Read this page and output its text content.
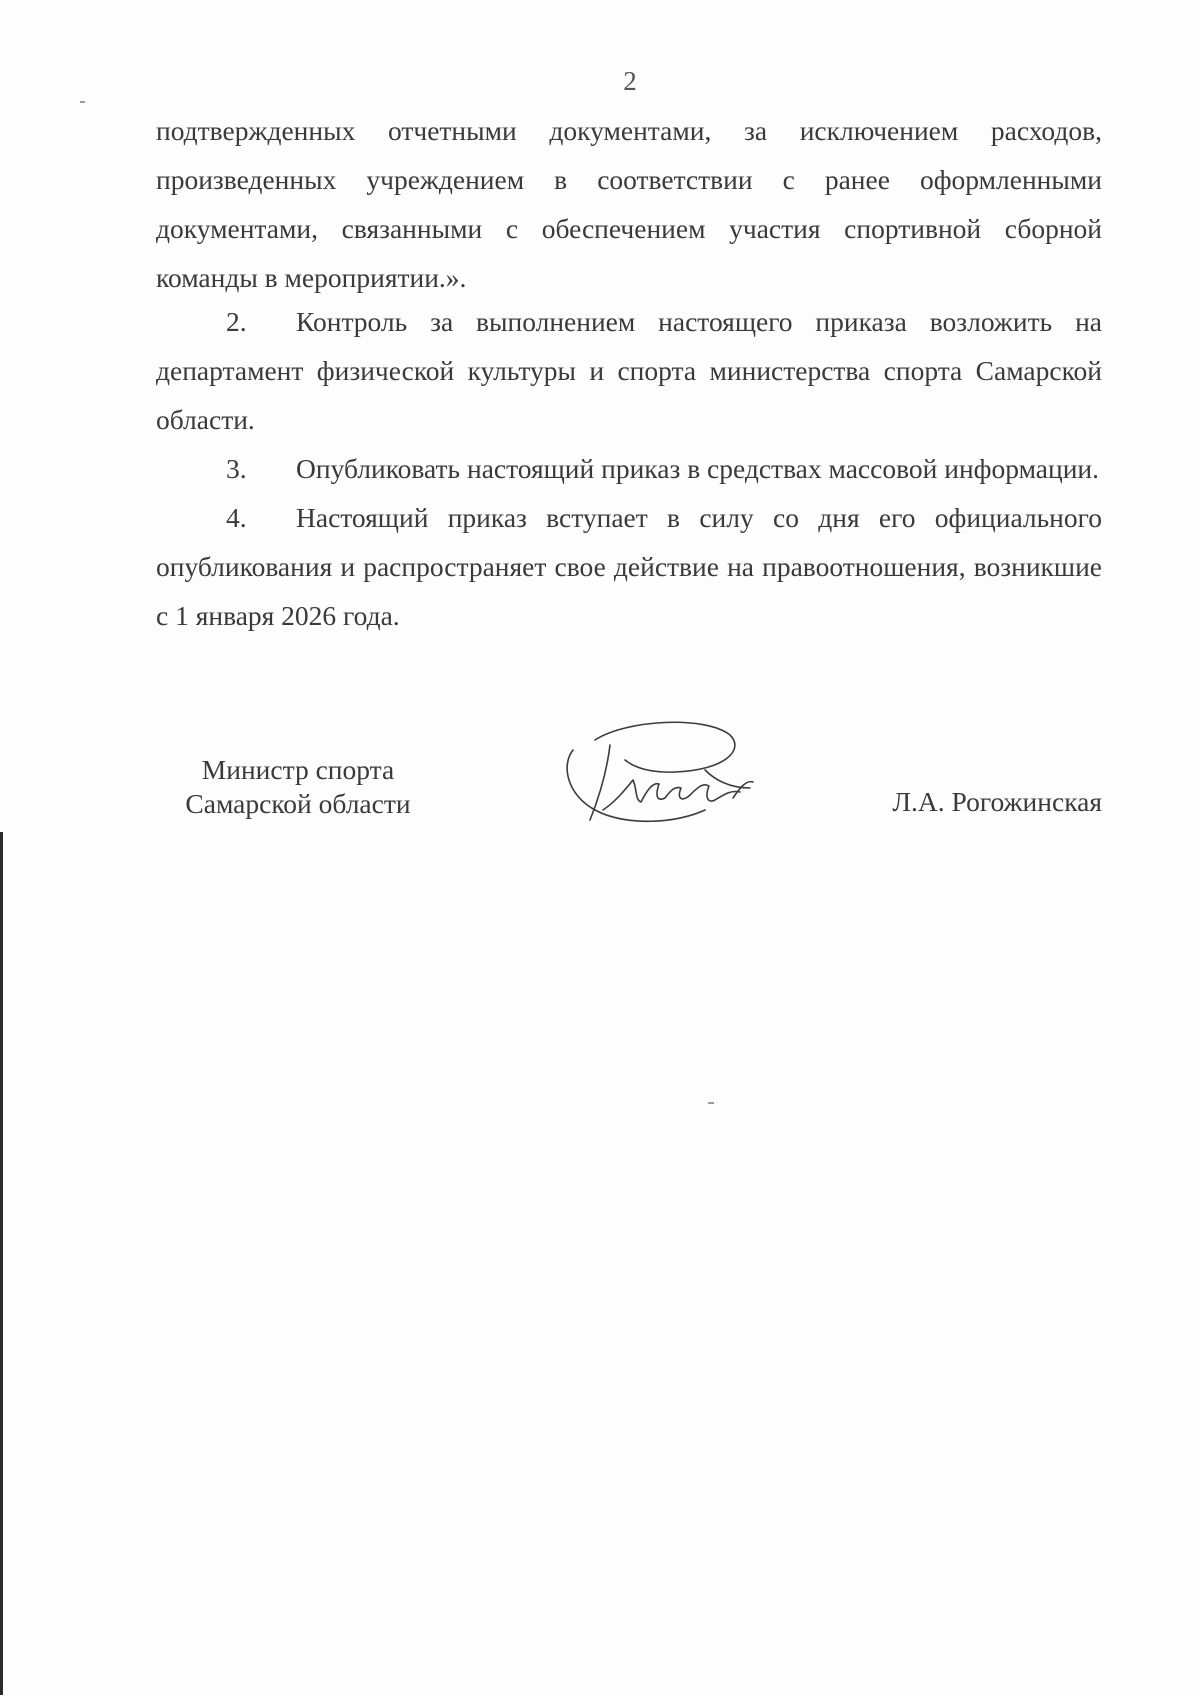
2
подтвержденных отчетными документами, за исключением расходов, произведенных учреждением в соответствии с ранее оформленными документами, связанными с обеспечением участия спортивной сборной команды в мероприятии.».

2. Контроль за выполнением настоящего приказа возложить на департамент физической культуры и спорта министерства спорта Самарской области.

3. Опубликовать настоящий приказ в средствах массовой информации.

4. Настоящий приказ вступает в силу со дня его официального опубликования и распространяет свое действие на правоотношения, возникшие с 1 января 2026 года.

Министр спорта
Самарской области	Л.А. Рогожинская
